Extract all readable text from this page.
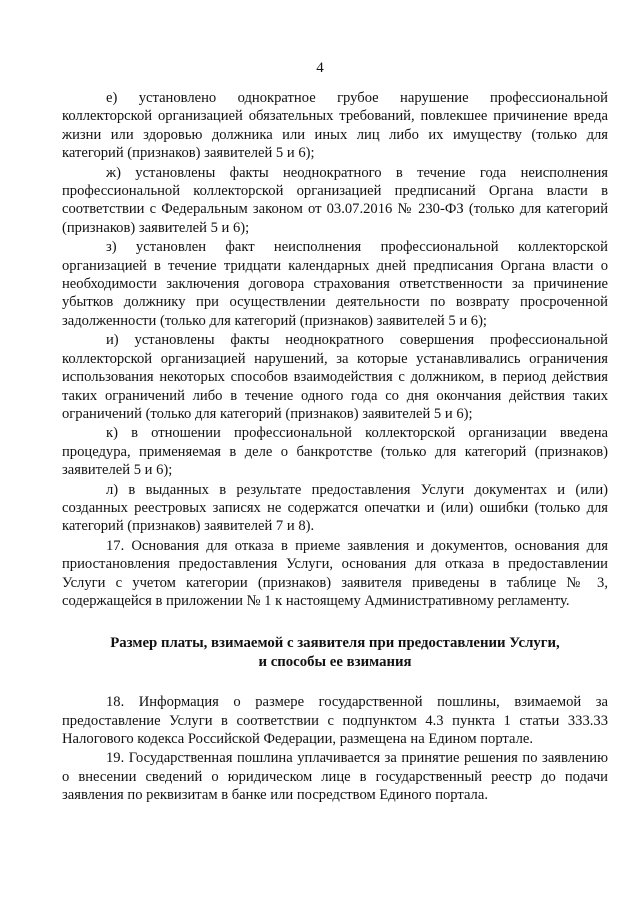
4

е) установлено однократное грубое нарушение профессиональной коллекторской организацией обязательных требований, повлекшее причинение вреда жизни или здоровью должника или иных лиц либо их имуществу (только для категорий (признаков) заявителей 5 и 6);

ж) установлены факты неоднократного в течение года неисполнения профессиональной коллекторской организацией предписаний Органа власти в соответствии с Федеральным законом от 03.07.2016 № 230-ФЗ (только для категорий (признаков) заявителей 5 и 6);

з) установлен факт неисполнения профессиональной коллекторской организацией в течение тридцати календарных дней предписания Органа власти о необходимости заключения договора страхования ответственности за причинение убытков должнику при осуществлении деятельности по возврату просроченной задолженности (только для категорий (признаков) заявителей 5 и 6);

и) установлены факты неоднократного совершения профессиональной коллекторской организацией нарушений, за которые устанавливались ограничения использования некоторых способов взаимодействия с должником, в период действия таких ограничений либо в течение одного года со дня окончания действия таких ограничений (только для категорий (признаков) заявителей 5 и 6);

к) в отношении профессиональной коллекторской организации введена процедура, применяемая в деле о банкротстве (только для категорий (признаков) заявителей 5 и 6);

л) в выданных в результате предоставления Услуги документах и (или) созданных реестровых записях не содержатся опечатки и (или) ошибки (только для категорий (признаков) заявителей 7 и 8).

17. Основания для отказа в приеме заявления и документов, основания для приостановления предоставления Услуги, основания для отказа в предоставлении Услуги с учетом категории (признаков) заявителя приведены в таблице № 3, содержащейся в приложении № 1 к настоящему Административному регламенту.

Размер платы, взимаемой с заявителя при предоставлении Услуги,
и способы ее взимания

18. Информация о размере государственной пошлины, взимаемой за предоставление Услуги в соответствии с подпунктом 4.3 пункта 1 статьи 333.33 Налогового кодекса Российской Федерации, размещена на Едином портале.

19. Государственная пошлина уплачивается за принятие решения по заявлению о внесении сведений о юридическом лице в государственный реестр до подачи заявления по реквизитам в банке или посредством Единого портала.
